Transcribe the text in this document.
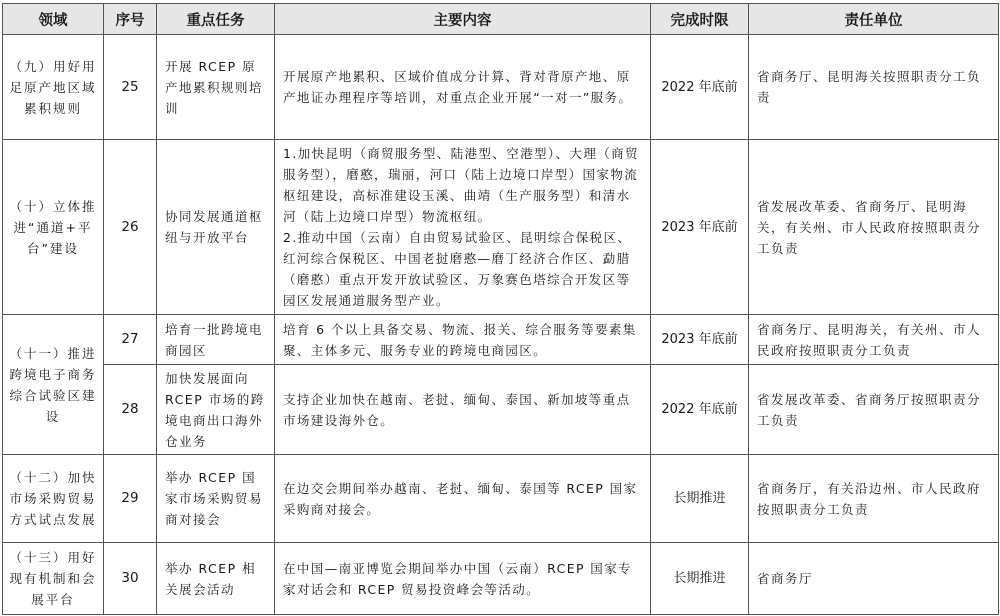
领域	序号	重点任务	主要内容	完成时限	责任单位
（九）用好用足原产地区域累积规则	25	开展 RCEP 原产地累积规则培训	开展原产地累积、区域价值成分计算、背对背原产地、原产地证办理程序等培训，对重点企业开展“一对一”服务。	2022 年底前	省商务厅、昆明海关按照职责分工负责
（十）立体推进“通道+平台”建设	26	协同发展通道枢纽与开放平台	1.加快昆明（商贸服务型、陆港型、空港型）、大理（商贸服务型），磨憨，瑞丽，河口（陆上边境口岸型）国家物流枢纽建设，高标准建设玉溪、曲靖（生产服务型）和清水河（陆上边境口岸型）物流枢纽。
2.推动中国（云南）自由贸易试验区、昆明综合保税区、红河综合保税区、中国老挝磨憨—磨丁经济合作区、勐腊（磨憨）重点开发开放试验区、万象赛色塔综合开发区等园区发展通道服务型产业。	2023 年底前	省发展改革委、省商务厅、昆明海关，有关州、市人民政府按照职责分工负责
（十一）推进跨境电子商务综合试验区建设	27	培育一批跨境电商园区	培育 6 个以上具备交易、物流、报关、综合服务等要素集聚、主体多元、服务专业的跨境电商园区。	2023 年底前	省商务厅、昆明海关，有关州、市人民政府按照职责分工负责
	28	加快发展面向 RCEP 市场的跨境电商出口海外仓业务	支持企业加快在越南、老挝、缅甸、泰国、新加坡等重点市场建设海外仓。	2022 年底前	省发展改革委、省商务厅按照职责分工负责
（十二）加快市场采购贸易方式试点发展	29	举办 RCEP 国家市场采购贸易商对接会	在边交会期间举办越南、老挝、缅甸、泰国等 RCEP 国家采购商对接会。	长期推进	省商务厅，有关沿边州、市人民政府按照职责分工负责
（十三）用好现有机制和会展平台	30	举办 RCEP 相关展会活动	在中国—南亚博览会期间举办中国（云南）RCEP 国家专家对话会和 RCEP 贸易投资峰会等活动。	长期推进	省商务厅
